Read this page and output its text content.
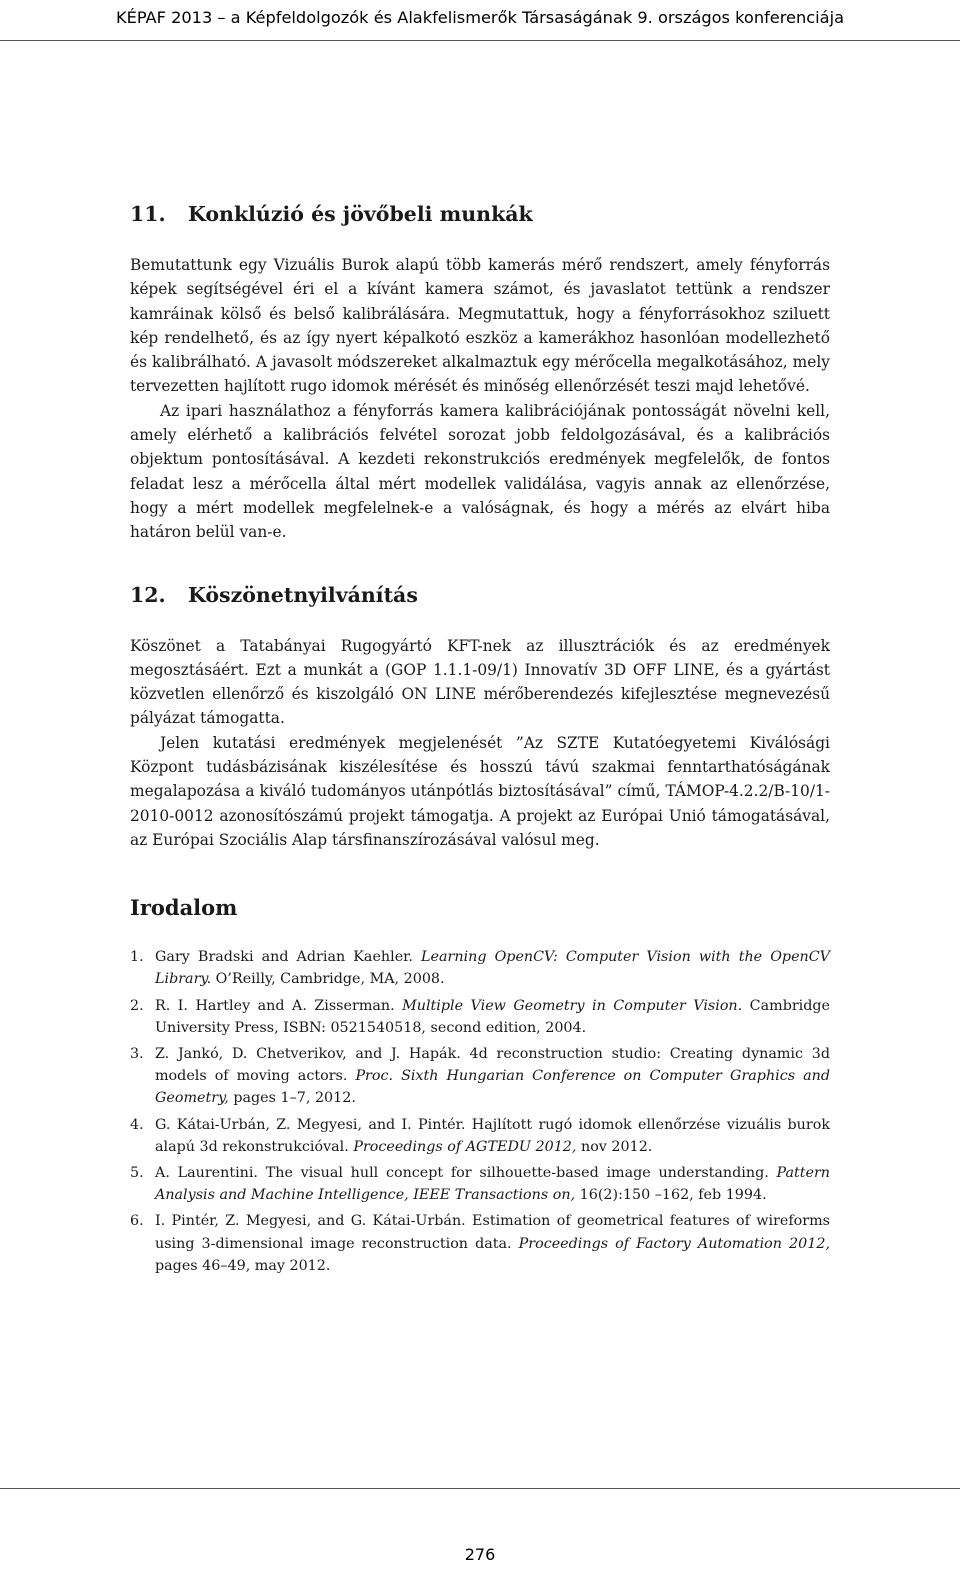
KÉPAF 2013 – a Képfeldolgozók és Alakfelismerők Társaságának 9. országos konferenciája
11. Konklúzió és jövőbeli munkák

Bemutattunk egy Vizuális Burok alapú több kamerás mérő rendszert, amely fényforrás képek segítségével éri el a kívánt kamera számot, és javaslatot tettünk a rendszer kamráinak kölső és belső kalibrálására. Megmutattuk, hogy a fényforrásokhoz sziluett kép rendelhető, és az így nyert képalkotó eszköz a kamerákhoz hasonlóan modellezhető és kalibrálható. A javasolt módszereket alkalmaztuk egy mérőcella megalkotásához, mely tervezetten hajlított rugo idomok mérését és minőség ellenőrzését teszi majd lehetővé.

Az ipari használathoz a fényforrás kamera kalibrációjának pontosságát növelni kell, amely elérhető a kalibrációs felvétel sorozat jobb feldolgozásával, és a kalibrációs objektum pontosításával. A kezdeti rekonstrukciós eredmények megfelelők, de fontos feladat lesz a mérőcella által mért modellek validálása, vagyis annak az ellenőrzése, hogy a mért modellek megfelelnek-e a valóságnak, és hogy a mérés az elvárt hiba határon belül van-e.

12. Köszönetnyilvánítás

Köszönet a Tatabányai Rugogyártó KFT-nek az illusztrációk és az eredmények megosztásáért. Ezt a munkát a (GOP 1.1.1-09/1) Innovatív 3D OFF LINE, és a gyártást közvetlen ellenőrző és kiszolgáló ON LINE mérőberendezés kifejlesztése megnevezésű pályázat támogatta.

Jelen kutatási eredmények megjelenését ”Az SZTE Kutatóegyetemi Kiválósági Központ tudásbázisának kiszélesítése és hosszú távú szakmai fenntarthatóságának megalapozása a kiváló tudományos utánpótlás biztosításával” című, TÁMOP-4.2.2/B-10/1-2010-0012 azonosítószámú projekt támogatja. A projekt az Európai Unió támogatásával, az Európai Szociális Alap társfinanszírozásával valósul meg.

Irodalom
1. Gary Bradski and Adrian Kaehler. Learning OpenCV: Computer Vision with the OpenCV Library. O’Reilly, Cambridge, MA, 2008.
2. R. I. Hartley and A. Zisserman. Multiple View Geometry in Computer Vision. Cambridge University Press, ISBN: 0521540518, second edition, 2004.
3. Z. Jankó, D. Chetverikov, and J. Hapák. 4d reconstruction studio: Creating dynamic 3d models of moving actors. Proc. Sixth Hungarian Conference on Computer Graphics and Geometry, pages 1–7, 2012.
4. G. Kátai-Urbán, Z. Megyesi, and I. Pintér. Hajlított rugó idomok ellenőrzése vizuális burok alapú 3d rekonstrukcióval. Proceedings of AGTEDU 2012, nov 2012.
5. A. Laurentini. The visual hull concept for silhouette-based image understanding. Pattern Analysis and Machine Intelligence, IEEE Transactions on, 16(2):150 –162, feb 1994.
6. I. Pintér, Z. Megyesi, and G. Kátai-Urbán. Estimation of geometrical features of wireforms using 3-dimensional image reconstruction data. Proceedings of Factory Automation 2012, pages 46–49, may 2012.
276
